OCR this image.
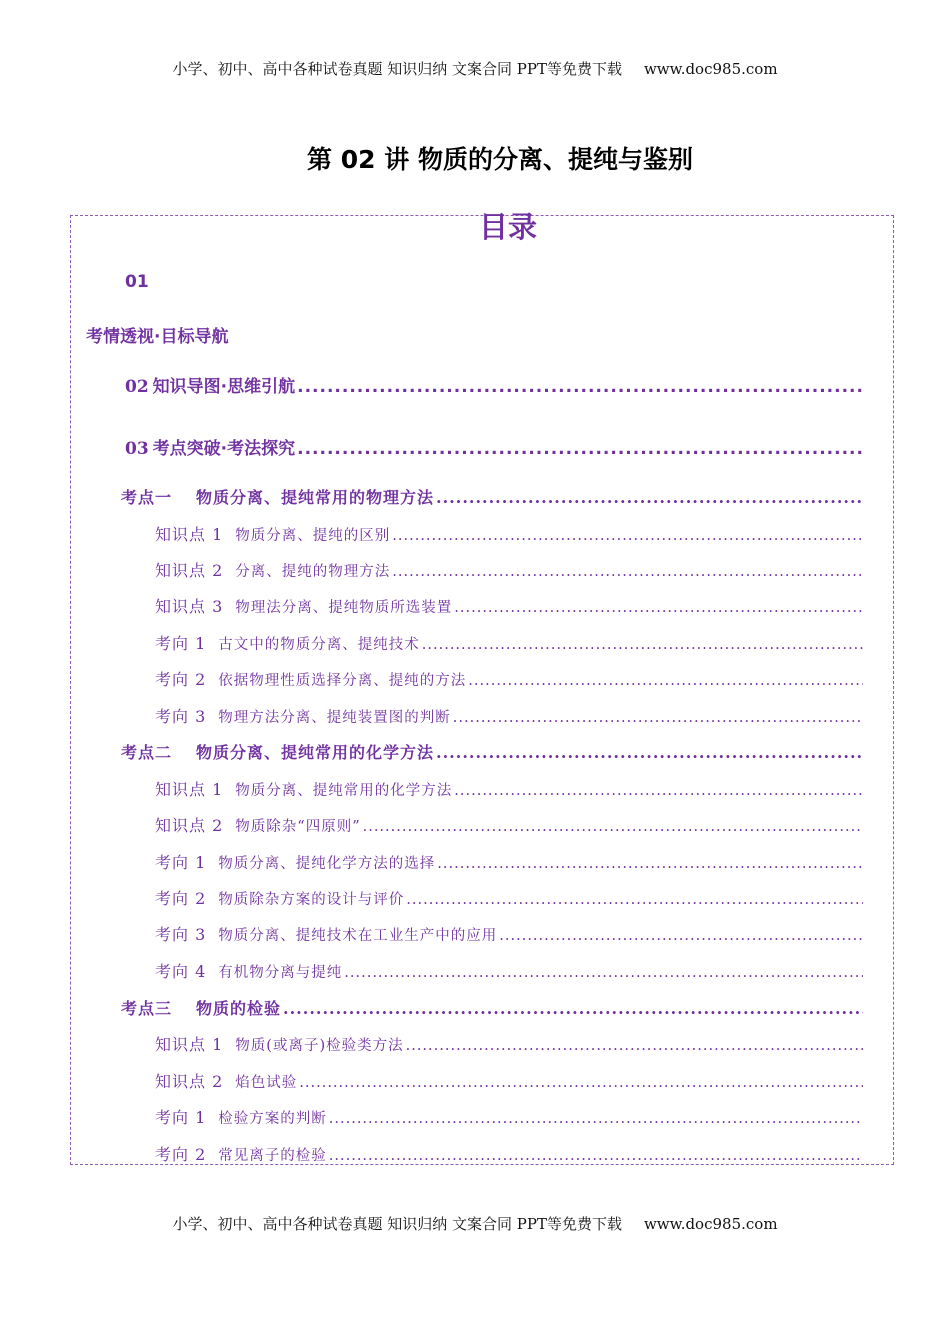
小学、初中、高中各种试卷真题 知识归纳 文案合同 PPT等免费下载 www.doc985.com
第 02 讲 物质的分离、提纯与鉴别
目录
01
考情透视·目标导航
02 知识导图·思维引航
.....
03 考点突破·考法探究
.....
考点一 物质分离、提纯常用的物理方法
.....
知识点 1 物质分离、提纯的区别
.....
知识点 2 分离、提纯的物理方法
.....
知识点 3 物理法分离、提纯物质所选装置
.....
考向 1 古文中的物质分离、提纯技术
.....
考向 2 依据物理性质选择分离、提纯的方法
.....
考向 3 物理方法分离、提纯装置图的判断
.....
考点二 物质分离、提纯常用的化学方法
.....
知识点 1 物质分离、提纯常用的化学方法
.....
知识点 2 物质除杂“四原则”
.....
考向 1 物质分离、提纯化学方法的选择
.....
考向 2 物质除杂方案的设计与评价
.....
考向 3 物质分离、提纯技术在工业生产中的应用
.....
考向 4 有机物分离与提纯
.....
考点三 物质的检验
.....
知识点 1 物质(或离子)检验类方法
.....
知识点 2 焰色试验
.....
考向 1 检验方案的判断
.....
考向 2 常见离子的检验
.....
小学、初中、高中各种试卷真题 知识归纳 文案合同 PPT等免费下载 www.doc985.com
